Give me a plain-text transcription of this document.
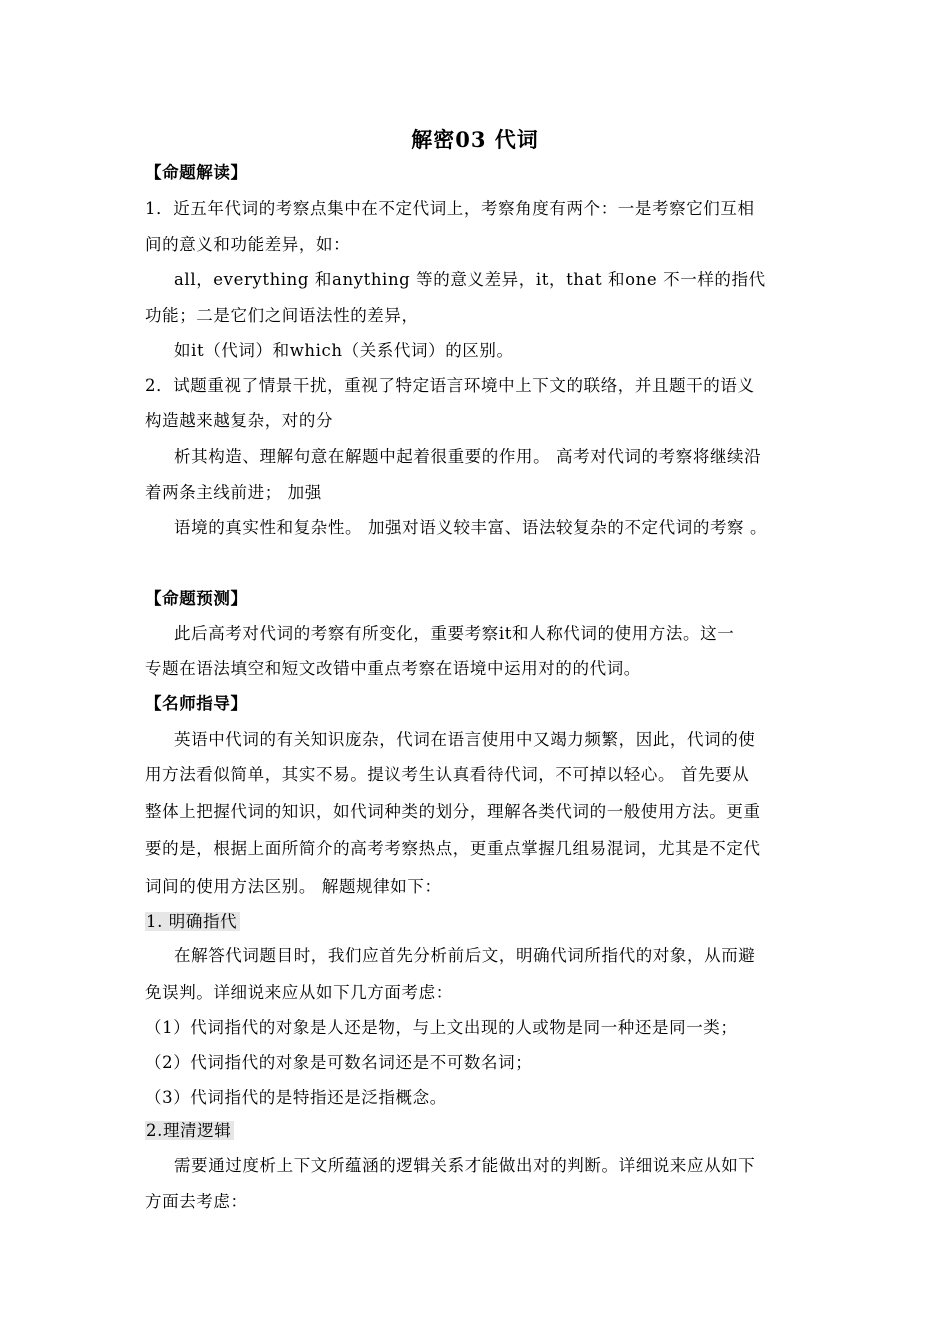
解密03 代词
【命题解读】
1．近五年代词的考察点集中在不定代词上，考察角度有两个：一是考察它们互相
间的意义和功能差异，如：
all，everything 和anything 等的意义差异，it，that 和one 不一样的指代
功能；二是它们之间语法性的差异，
如it（代词）和which（关系代词）的区别。
2．试题重视了情景干扰，重视了特定语言环境中上下文的联络，并且题干的语义
构造越来越复杂，对的分
析其构造、理解句意在解题中起着很重要的作用。 高考对代词的考察将继续沿
着两条主线前进； 加强
语境的真实性和复杂性。 加强对语义较丰富、语法较复杂的不定代词的考察 。
【命题预测】
此后高考对代词的考察有所变化，重要考察it和人称代词的使用方法。这一
专题在语法填空和短文改错中重点考察在语境中运用对的的代词。
【名师指导】
英语中代词的有关知识庞杂，代词在语言使用中又竭力频繁，因此，代词的使
用方法看似简单，其实不易。提议考生认真看待代词，不可掉以轻心。 首先要从
整体上把握代词的知识，如代词种类的划分，理解各类代词的一般使用方法。更重
要的是，根据上面所简介的高考考察热点，更重点掌握几组易混词，尤其是不定代
词间的使用方法区别。 解题规律如下：
1. 明确指代
在解答代词题目时，我们应首先分析前后文，明确代词所指代的对象，从而避
免误判。详细说来应从如下几方面考虑：
（1）代词指代的对象是人还是物，与上文出现的人或物是同一种还是同一类；
（2）代词指代的对象是可数名词还是不可数名词；
（3）代词指代的是特指还是泛指概念。
2.理清逻辑
需要通过度析上下文所蕴涵的逻辑关系才能做出对的判断。详细说来应从如下
方面去考虑：
